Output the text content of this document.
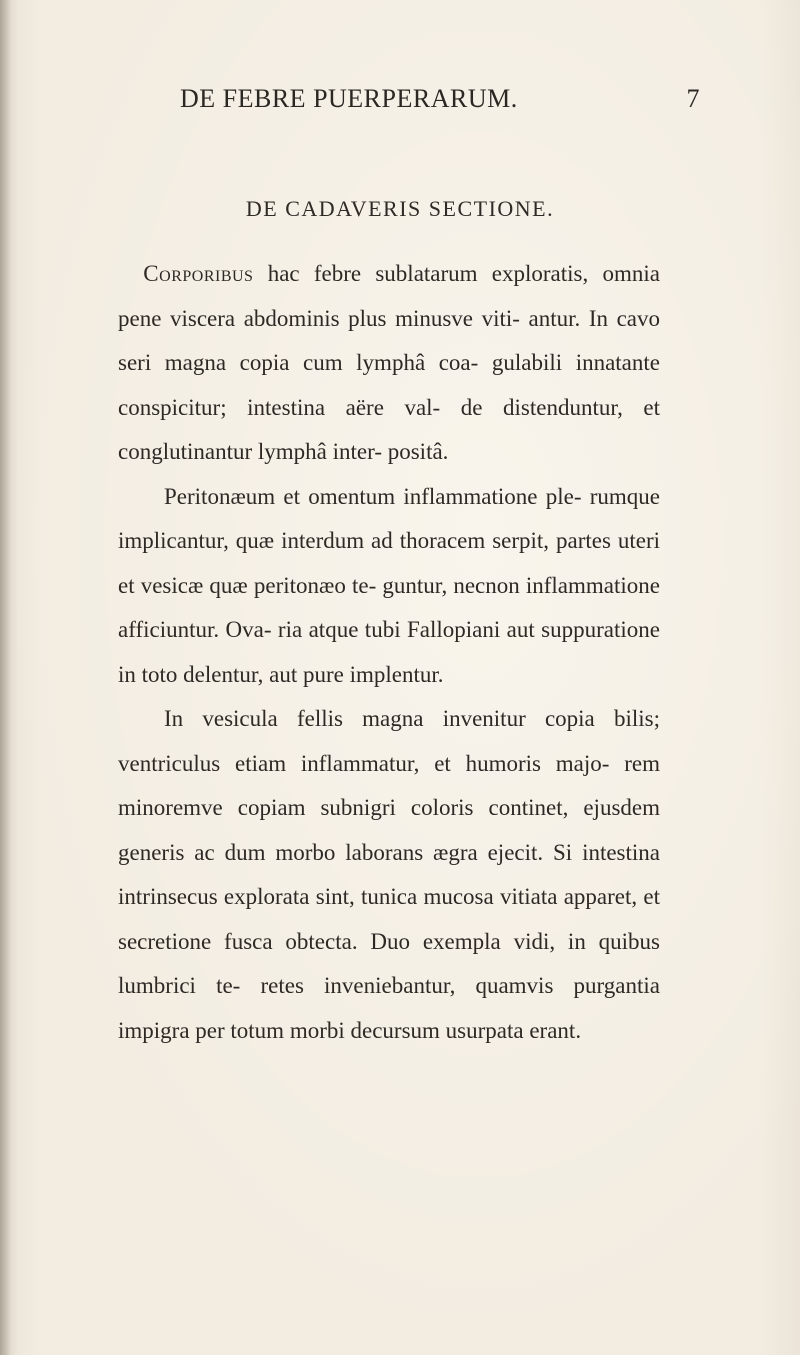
DE FEBRE PUERPERARUM.	7
DE CADAVERIS SECTIONE.

Corporibus hac febre sublatarum exploratis, omnia pene viscera abdominis plus minusve viti- antur. In cavo seri magna copia cum lymphâ coa- gulabili innatante conspicitur; intestina aëre val- de distenduntur, et conglutinantur lymphâ inter- positâ.

Peritonæum et omentum inflammatione ple- rumque implicantur, quæ interdum ad thoracem serpit, partes uteri et vesicæ quæ peritonæo te- guntur, necnon inflammatione afficiuntur. Ova- ria atque tubi Fallopiani aut suppuratione in toto delentur, aut pure implentur.

In vesicula fellis magna invenitur copia bilis; ventriculus etiam inflammatur, et humoris majo- rem minoremve copiam subnigri coloris continet, ejusdem generis ac dum morbo laborans ægra ejecit. Si intestina intrinsecus explorata sint, tunica mucosa vitiata apparet, et secretione fusca obtecta. Duo exempla vidi, in quibus lumbrici te- retes inveniebantur, quamvis purgantia impigra per totum morbi decursum usurpata erant.
